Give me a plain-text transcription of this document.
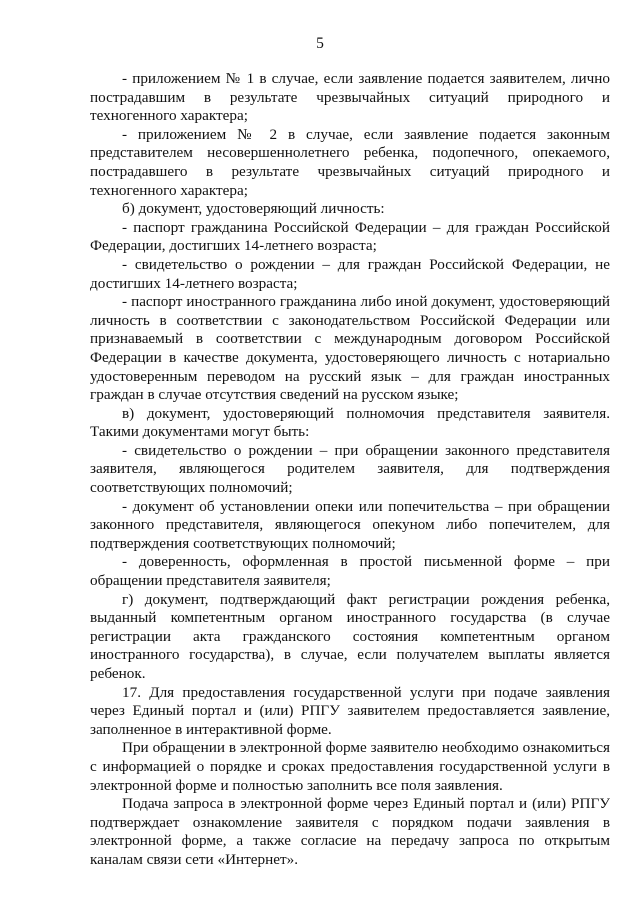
5

- приложением № 1 в случае, если заявление подается заявителем, лично пострадавшим в результате чрезвычайных ситуаций природного и техногенного характера;

- приложением № 2 в случае, если заявление подается законным представителем несовершеннолетнего ребенка, подопечного, опекаемого, пострадавшего в результате чрезвычайных ситуаций природного и техногенного характера;

б) документ, удостоверяющий личность:

- паспорт гражданина Российской Федерации – для граждан Российской Федерации, достигших 14-летнего возраста;

- свидетельство о рождении – для граждан Российской Федерации, не достигших 14-летнего возраста;

- паспорт иностранного гражданина либо иной документ, удостоверяющий личность в соответствии с законодательством Российской Федерации или признаваемый в соответствии с международным договором Российской Федерации в качестве документа, удостоверяющего личность с нотариально удостоверенным переводом на русский язык – для граждан иностранных граждан в случае отсутствия сведений на русском языке;

в) документ, удостоверяющий полномочия представителя заявителя. Такими документами могут быть:

- свидетельство о рождении – при обращении законного представителя заявителя, являющегося родителем заявителя, для подтверждения соответствующих полномочий;

- документ об установлении опеки или попечительства – при обращении законного представителя, являющегося опекуном либо попечителем, для подтверждения соответствующих полномочий;

- доверенность, оформленная в простой письменной форме – при обращении представителя заявителя;

г) документ, подтверждающий факт регистрации рождения ребенка, выданный компетентным органом иностранного государства (в случае регистрации акта гражданского состояния компетентным органом иностранного государства), в случае, если получателем выплаты является ребенок.

17. Для предоставления государственной услуги при подаче заявления через Единый портал и (или) РПГУ заявителем предоставляется заявление, заполненное в интерактивной форме.

При обращении в электронной форме заявителю необходимо ознакомиться с информацией о порядке и сроках предоставления государственной услуги в электронной форме и полностью заполнить все поля заявления.

Подача запроса в электронной форме через Единый портал и (или) РПГУ подтверждает ознакомление заявителя с порядком подачи заявления в электронной форме, а также согласие на передачу запроса по открытым каналам связи сети «Интернет».
